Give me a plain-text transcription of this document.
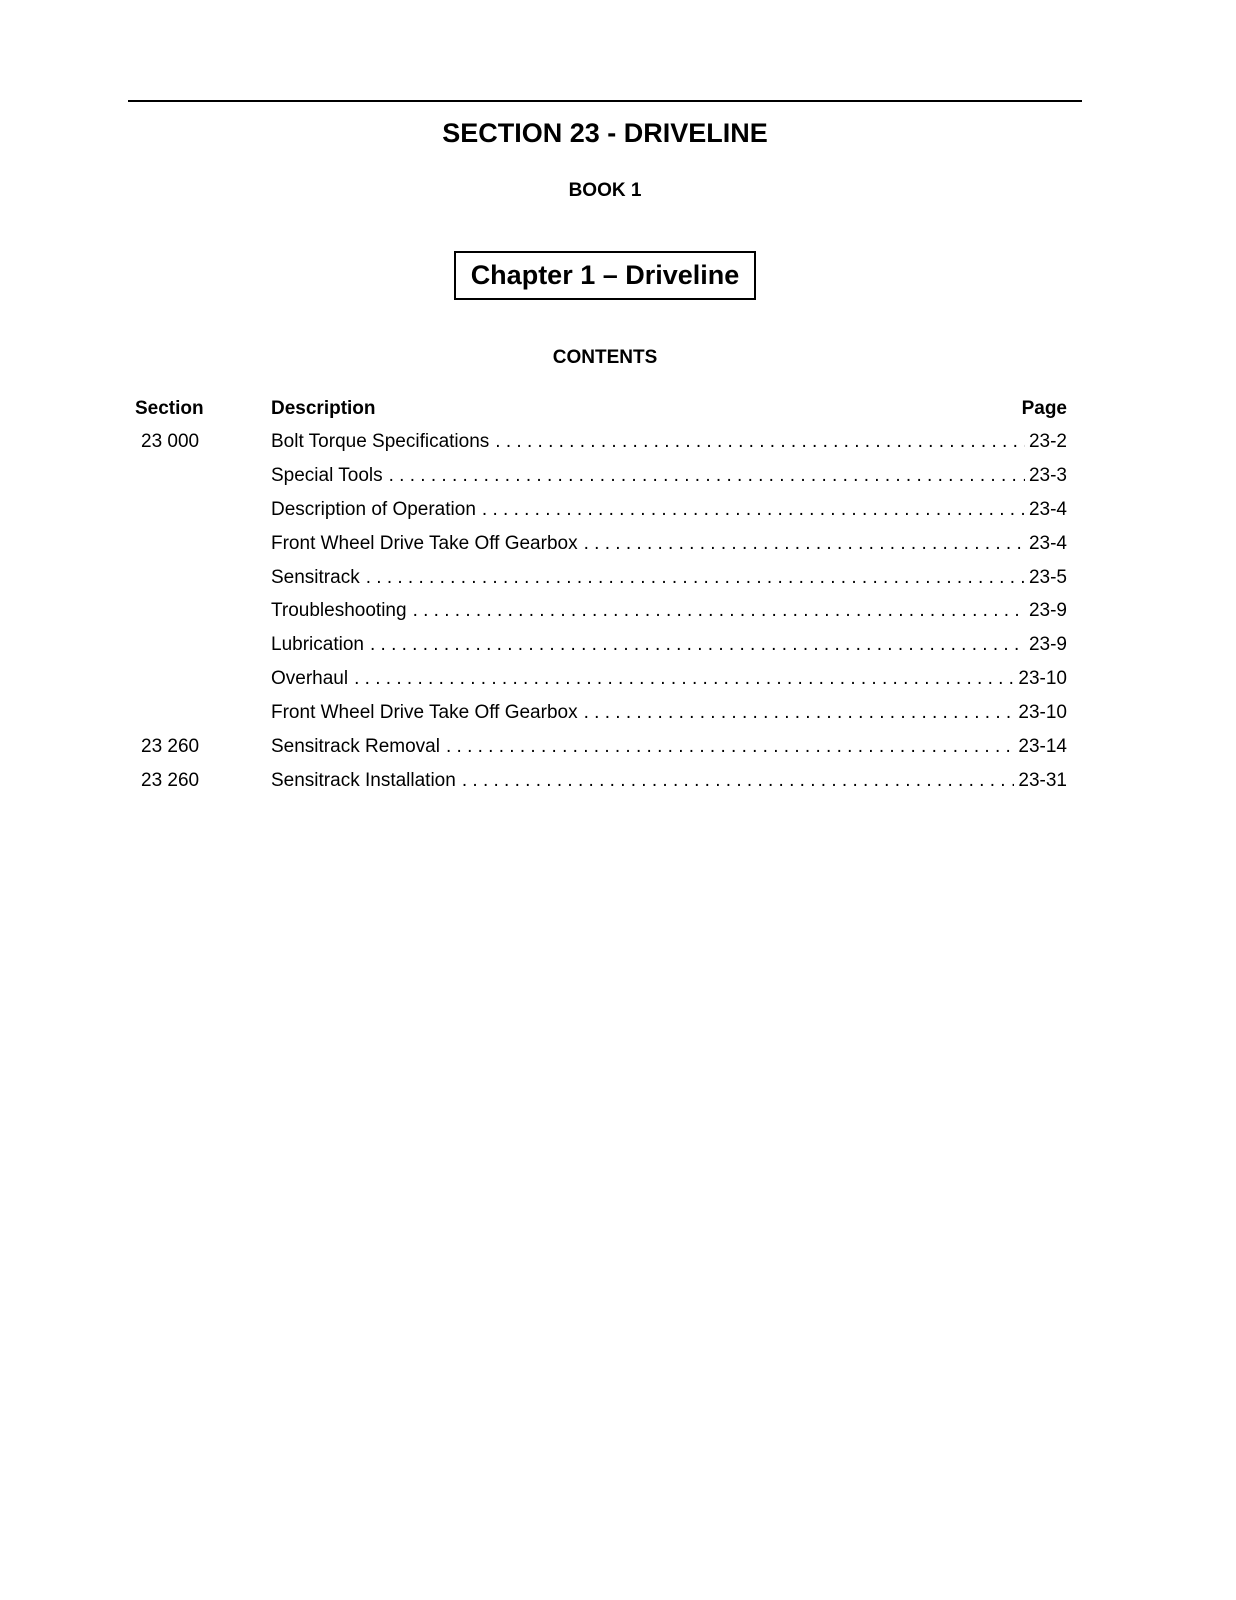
SECTION 23 - DRIVELINE
BOOK 1
Chapter 1 – Driveline
CONTENTS
Section	Description	Page
23 000	Bolt Torque Specifications . . .	23-2
Special Tools . . .	23-3
Description of Operation . . .	23-4
Front Wheel Drive Take Off Gearbox . . .	23-4
Sensitrack . . .	23-5
Troubleshooting . . .	23-9
Lubrication . . .	23-9
Overhaul . . .	23-10
Front Wheel Drive Take Off Gearbox . . .	23-10
23 260	Sensitrack Removal . . .	23-14
23 260	Sensitrack Installation . . .	23-31
